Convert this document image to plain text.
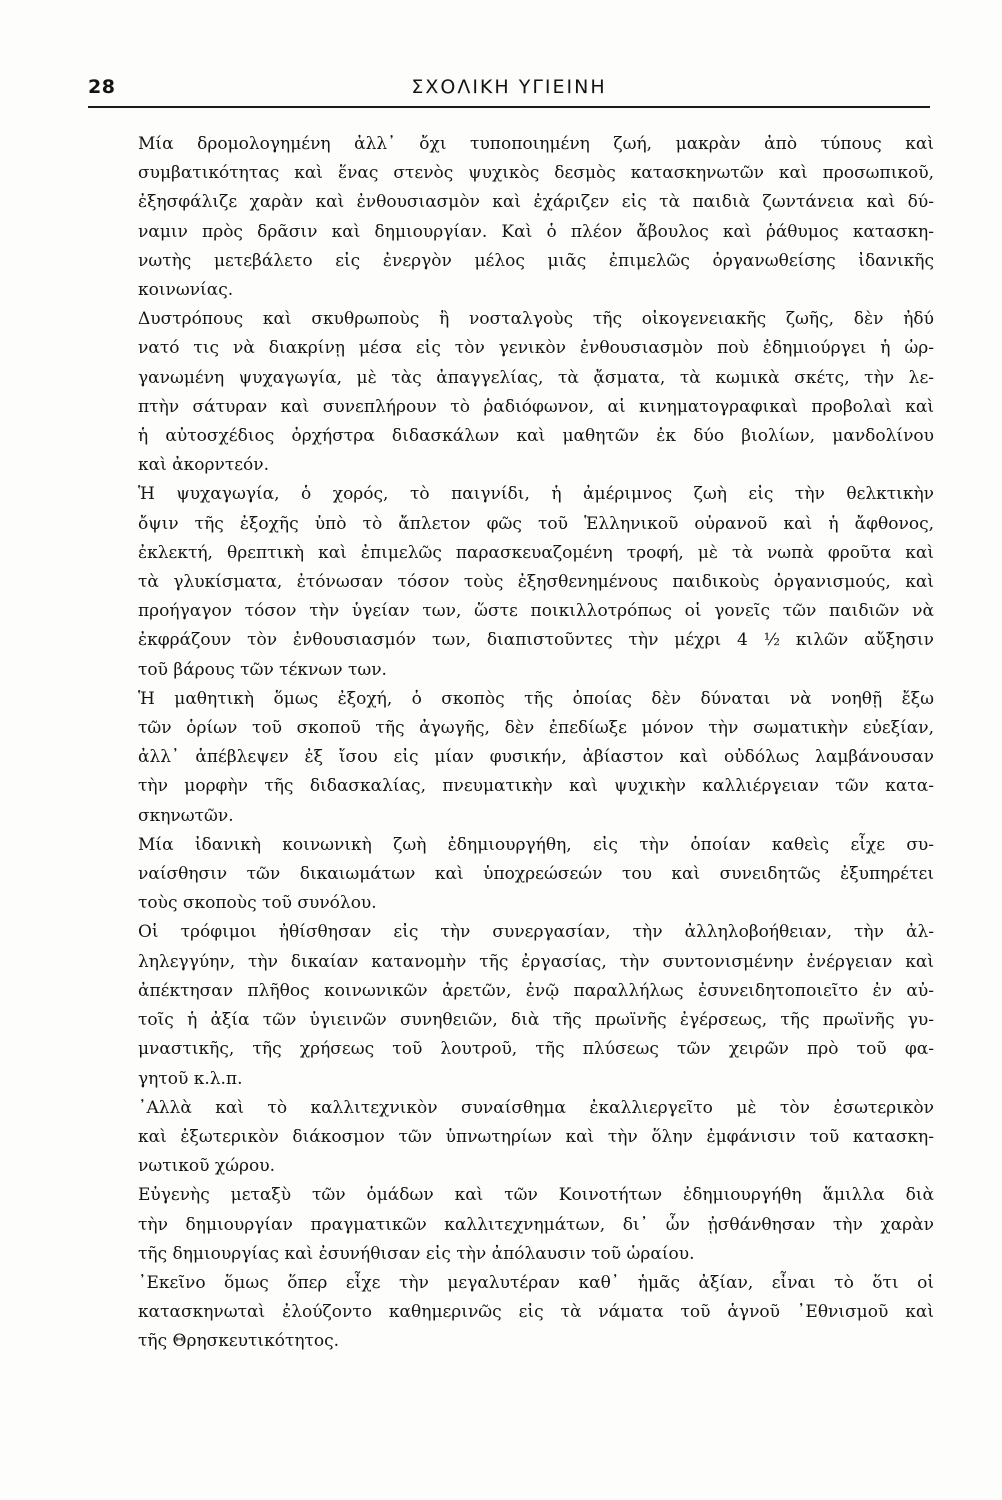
28	ΣΧΟΛΙΚΗ ΥΓΙΕΙΝΗ

Μία δρομολογημένη ἀλλ᾿ ὄχι τυποποιημένη ζωή, μακρὰν ἀπὸ τύπους καὶ
συμβατικότητας καὶ ἕνας στενὸς ψυχικὸς δεσμὸς κατασκηνωτῶν καὶ προσωπικοῦ,
ἐξησφάλιζε χαρὰν καὶ ἐνθουσιασμὸν καὶ ἐχάριζεν εἰς τὰ παιδιὰ ζωντάνεια καὶ δύ-
ναμιν πρὸς δρᾶσιν καὶ δημιουργίαν. Καὶ ὁ πλέον ἄβουλος καὶ ῥάθυμος κατασκη-
νωτὴς μετεβάλετο εἰς ἐνεργὸν μέλος μιᾶς ἐπιμελῶς ὀργανωθείσης ἰδανικῆς
κοινωνίας.

Δυστρόπους καὶ σκυθρωποὺς ἢ νοσταλγοὺς τῆς οἰκογενειακῆς ζωῆς, δὲν ἠδύ
νατό τις νὰ διακρίνῃ μέσα εἰς τὸν γενικὸν ἐνθουσιασμὸν ποὺ ἐδημιούργει ἡ ὠρ-
γανωμένη ψυχαγωγία, μὲ τὰς ἀπαγγελίας, τὰ ᾄσματα, τὰ κωμικὰ σκέτς, τὴν λε-
πτὴν σάτυραν καὶ συνεπλήρουν τὸ ῥαδιόφωνον, αἱ κινηματογραφικαὶ προβολαὶ καὶ
ἡ αὐτοσχέδιος ὀρχήστρα διδασκάλων καὶ μαθητῶν ἐκ δύο βιολίων, μανδολίνου
καὶ ἀκορντεόν.

Ἡ ψυχαγωγία, ὁ χορός, τὸ παιγνίδι, ἡ ἀμέριμνος ζωὴ εἰς τὴν θελκτικὴν
ὄψιν τῆς ἐξοχῆς ὑπὸ τὸ ἄπλετον φῶς τοῦ Ἑλληνικοῦ οὐρανοῦ καὶ ἡ ἄφθονος,
ἐκλεκτή, θρεπτικὴ καὶ ἐπιμελῶς παρασκευαζομένη τροφή, μὲ τὰ νωπὰ φροῦτα καὶ
τὰ γλυκίσματα, ἐτόνωσαν τόσον τοὺς ἐξησθενημένους παιδικοὺς ὀργανισμούς, καὶ
προήγαγον τόσον τὴν ὑγείαν των, ὥστε ποικιλλοτρόπως οἱ γονεῖς τῶν παιδιῶν νὰ
ἐκφράζουν τὸν ἐνθουσιασμόν των, διαπιστοῦντες τὴν μέχρι 4 ½ κιλῶν αὔξησιν
τοῦ βάρους τῶν τέκνων των.

Ἡ μαθητικὴ ὅμως ἐξοχή, ὁ σκοπὸς τῆς ὁποίας δὲν δύναται νὰ νοηθῇ ἔξω
τῶν ὁρίων τοῦ σκοποῦ τῆς ἀγωγῆς, δὲν ἐπεδίωξε μόνον τὴν σωματικὴν εὐεξίαν,
ἀλλ᾿ ἀπέβλεψεν ἐξ ἴσου εἰς μίαν φυσικήν, ἀβίαστον καὶ οὐδόλως λαμβάνουσαν
τὴν μορφὴν τῆς διδασκαλίας, πνευματικὴν καὶ ψυχικὴν καλλιέργειαν τῶν κατα-
σκηνωτῶν.

Μία ἰδανικὴ κοινωνικὴ ζωὴ ἐδημιουργήθη, εἰς τὴν ὁποίαν καθεὶς εἶχε συ-
ναίσθησιν τῶν δικαιωμάτων καὶ ὑποχρεώσεών του καὶ συνειδητῶς ἐξυπηρέτει
τοὺς σκοποὺς τοῦ συνόλου.

Οἱ τρόφιμοι ἠθίσθησαν εἰς τὴν συνεργασίαν, τὴν ἀλληλοβοήθειαν, τὴν ἀλ-
ληλεγγύην, τὴν δικαίαν κατανομὴν τῆς ἐργασίας, τὴν συντονισμένην ἐνέργειαν καὶ
ἀπέκτησαν πλῆθος κοινωνικῶν ἀρετῶν, ἐνῷ παραλλήλως ἐσυνειδητοποιεῖτο ἐν αὐ-
τοῖς ἡ ἀξία τῶν ὑγιεινῶν συνηθειῶν, διὰ τῆς πρωϊνῆς ἐγέρσεως, τῆς πρωϊνῆς γυ-
μναστικῆς, τῆς χρήσεως τοῦ λουτροῦ, τῆς πλύσεως τῶν χειρῶν πρὸ τοῦ φα-
γητοῦ κ.λ.π.

᾿Αλλὰ καὶ τὸ καλλιτεχνικὸν συναίσθημα ἐκαλλιεργεῖτο μὲ τὸν ἐσωτερικὸν
καὶ ἐξωτερικὸν διάκοσμον τῶν ὑπνωτηρίων καὶ τὴν ὅλην ἐμφάνισιν τοῦ κατασκη-
νωτικοῦ χώρου.

Εὐγενὴς μεταξὺ τῶν ὁμάδων καὶ τῶν Κοινοτήτων ἐδημιουργήθη ἅμιλλα διὰ
τὴν δημιουργίαν πραγματικῶν καλλιτεχνημάτων, δι᾿ ὧν ᾐσθάνθησαν τὴν χαρὰν
τῆς δημιουργίας καὶ ἐσυνήθισαν εἰς τὴν ἀπόλαυσιν τοῦ ὡραίου.

᾿Εκεῖνο ὅμως ὅπερ εἶχε τὴν μεγαλυτέραν καθ᾿ ἡμᾶς ἀξίαν, εἶναι τὸ ὅτι οἱ
κατασκηνωταὶ ἐλούζοντο καθημερινῶς εἰς τὰ νάματα τοῦ ἁγνοῦ ᾿Εθνισμοῦ καὶ
τῆς Θρησκευτικότητος.
